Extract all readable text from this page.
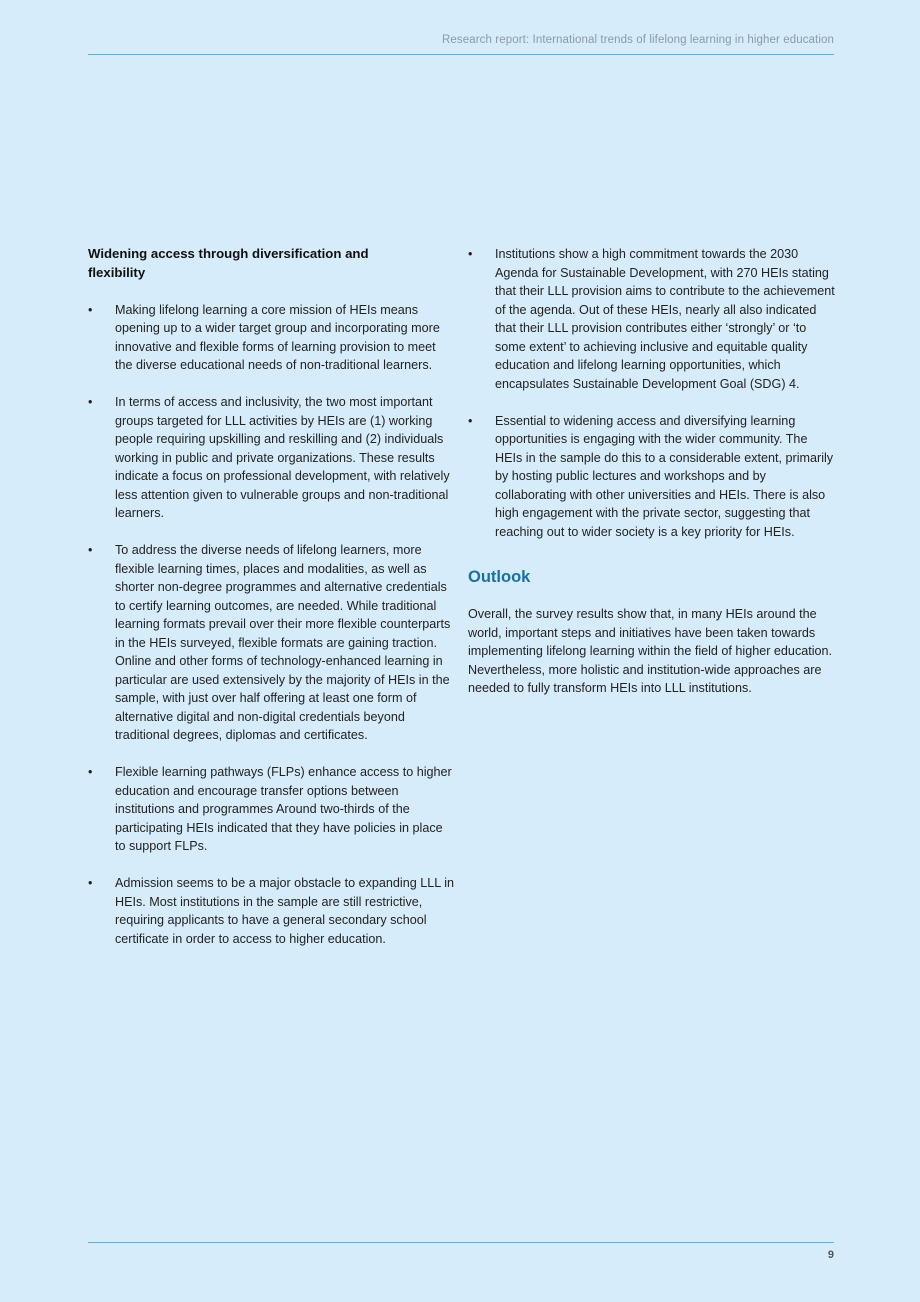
Research report: International trends of lifelong learning in higher education
Widening access through diversification and flexibility
•	Making lifelong learning a core mission of HEIs means opening up to a wider target group and incorporating more innovative and flexible forms of learning provision to meet the diverse educational needs of non-traditional learners.
•	In terms of access and inclusivity, the two most important groups targeted for LLL activities by HEIs are (1) working people requiring upskilling and reskilling and (2) individuals working in public and private organizations. These results indicate a focus on professional development, with relatively less attention given to vulnerable groups and non-traditional learners.
•	To address the diverse needs of lifelong learners, more flexible learning times, places and modalities, as well as shorter non-degree programmes and alternative credentials to certify learning outcomes, are needed. While traditional learning formats prevail over their more flexible counterparts in the HEIs surveyed, flexible formats are gaining traction. Online and other forms of technology-enhanced learning in particular are used extensively by the majority of HEIs in the sample, with just over half offering at least one form of alternative digital and non-digital credentials beyond traditional degrees, diplomas and certificates.
•	Flexible learning pathways (FLPs) enhance access to higher education and encourage transfer options between institutions and programmes Around two-thirds of the participating HEIs indicated that they have policies in place to support FLPs.
•	Admission seems to be a major obstacle to expanding LLL in HEIs. Most institutions in the sample are still restrictive, requiring applicants to have a general secondary school certificate in order to access to higher education.
•	Institutions show a high commitment towards the 2030 Agenda for Sustainable Development, with 270 HEIs stating that their LLL provision aims to contribute to the achievement of the agenda. Out of these HEIs, nearly all also indicated that their LLL provision contributes either ‘strongly’ or ‘to some extent’ to achieving inclusive and equitable quality education and lifelong learning opportunities, which encapsulates Sustainable Development Goal (SDG) 4.
•	Essential to widening access and diversifying learning opportunities is engaging with the wider community. The HEIs in the sample do this to a considerable extent, primarily by hosting public lectures and workshops and by collaborating with other universities and HEIs. There is also high engagement with the private sector, suggesting that reaching out to wider society is a key priority for HEIs.
Outlook

Overall, the survey results show that, in many HEIs around the world, important steps and initiatives have been taken towards implementing lifelong learning within the field of higher education. Nevertheless, more holistic and institution-wide approaches are needed to fully transform HEIs into LLL institutions.

9
